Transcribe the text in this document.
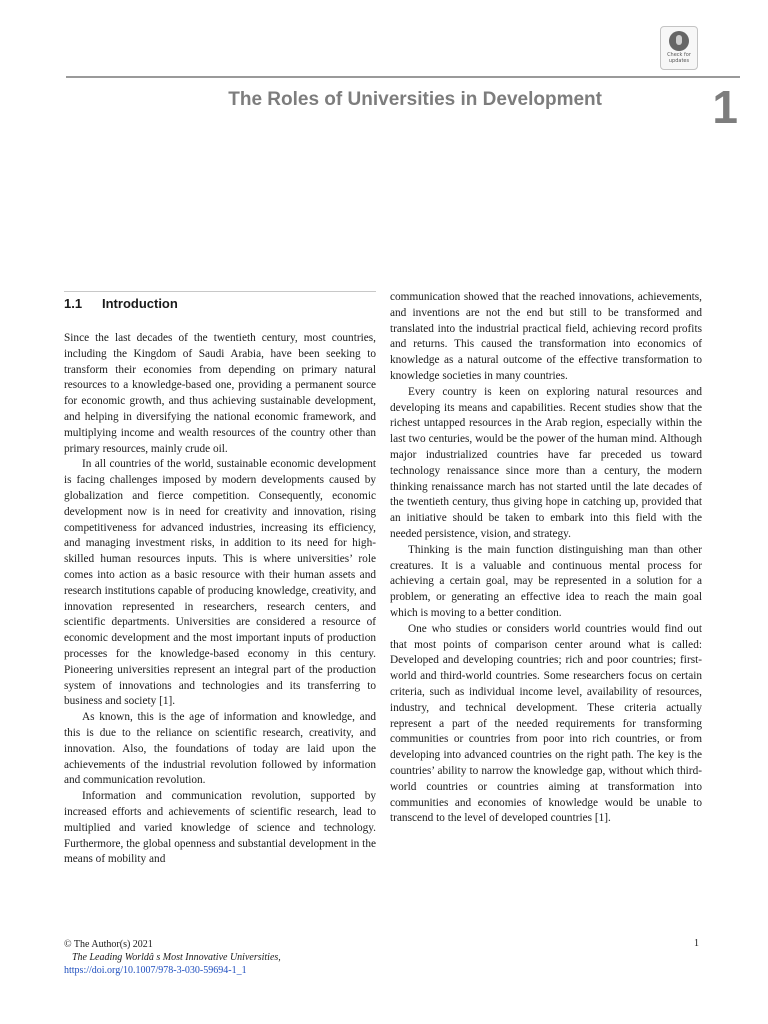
Check for
updates
The Roles of Universities in Development 1
1.1 Introduction

Since the last decades of the twentieth century, most countries, including the Kingdom of Saudi Arabia, have been seeking to transform their economies from depending on primary natural resources to a knowledge-based one, providing a permanent source for economic growth, and thus achieving sustainable development, and helping in diversifying the national economic framework, and multiplying income and wealth resources of the country other than primary resources, mainly crude oil.

In all countries of the world, sustainable economic development is facing challenges imposed by modern developments caused by globalization and fierce competition. Consequently, economic development now is in need for creativity and innovation, rising competitiveness for advanced industries, increasing its efficiency, and managing investment risks, in addition to its need for high-skilled human resources inputs. This is where universities’ role comes into action as a basic resource with their human assets and research institutions capable of producing knowledge, creativity, and innovation represented in researchers, research centers, and scientific departments. Universities are considered a resource of economic development and the most important inputs of production processes for the knowledge-based economy in this century. Pioneering universities represent an integral part of the production system of innovations and technologies and its transferring to business and society [1].

As known, this is the age of information and knowledge, and this is due to the reliance on scientific research, creativity, and innovation. Also, the foundations of today are laid upon the achievements of the industrial revolution followed by information and communication revolution.

Information and communication revolution, supported by increased efforts and achievements of scientific research, lead to multiplied and varied knowledge of science and technology. Furthermore, the global openness and substantial development in the means of mobility and

communication showed that the reached innovations, achievements, and inventions are not the end but still to be transformed and translated into the industrial practical field, achieving record profits and returns. This caused the transformation into economics of knowledge as a natural outcome of the effective transformation to knowledge societies in many countries.

Every country is keen on exploring natural resources and developing its means and capabilities. Recent studies show that the richest untapped resources in the Arab region, especially within the last two centuries, would be the power of the human mind. Although major industrialized countries have far preceded us toward technology renaissance since more than a century, the modern thinking renaissance march has not started until the late decades of the twentieth century, thus giving hope in catching up, provided that an initiative should be taken to embark into this field with the needed persistence, vision, and strategy.

Thinking is the main function distinguishing man than other creatures. It is a valuable and continuous mental process for achieving a certain goal, may be represented in a solution for a problem, or generating an effective idea to reach the main goal which is moving to a better condition.

One who studies or considers world countries would find out that most points of comparison center around what is called: Developed and developing countries; rich and poor countries; first-world and third-world countries. Some researchers focus on certain criteria, such as individual income level, availability of resources, industry, and technical development. These criteria actually represent a part of the needed requirements for transforming communities or countries from poor into rich countries, or from developing into advanced countries on the right path. The key is the countries’ ability to narrow the knowledge gap, without which third-world countries or countries aiming at transformation into communities and economies of knowledge would be unable to transcend to the level of developed countries [1].

© The Author(s) 2021
The Leading Worldâ s Most Innovative Universities,
https://doi.org/10.1007/978-3-030-59694-1_1
1
